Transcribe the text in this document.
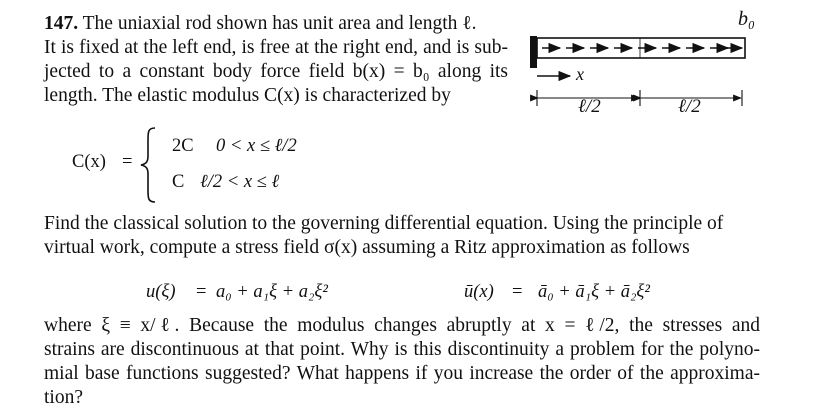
147. The uniaxial rod shown has unit area and length ℓ.
It is fixed at the left end, is free at the right end, and is sub-
jected to a constant body force field b(x) = b₀ along its
length. The elastic modulus C(x) is characterized by
b₀
x
ℓ/2	ℓ/2
C(x) =
2C 0 < x ≤ ℓ/2
C ℓ/2 < x ≤ ℓ
Find the classical solution to the governing differential equation. Using the principle of
virtual work, compute a stress field σ(x) assuming a Ritz approximation as follows
u(ξ) = a₀ + a₁ξ + a₂ξ²	ū(x) = ā₀ + ā₁ξ + ā₂ξ²
where ξ ≡ x/ℓ. Because the modulus changes abruptly at x = ℓ/2, the stresses and
strains are discontinuous at that point. Why is this discontinuity a problem for the polyno-
mial base functions suggested? What happens if you increase the order of the approxima-
tion?
